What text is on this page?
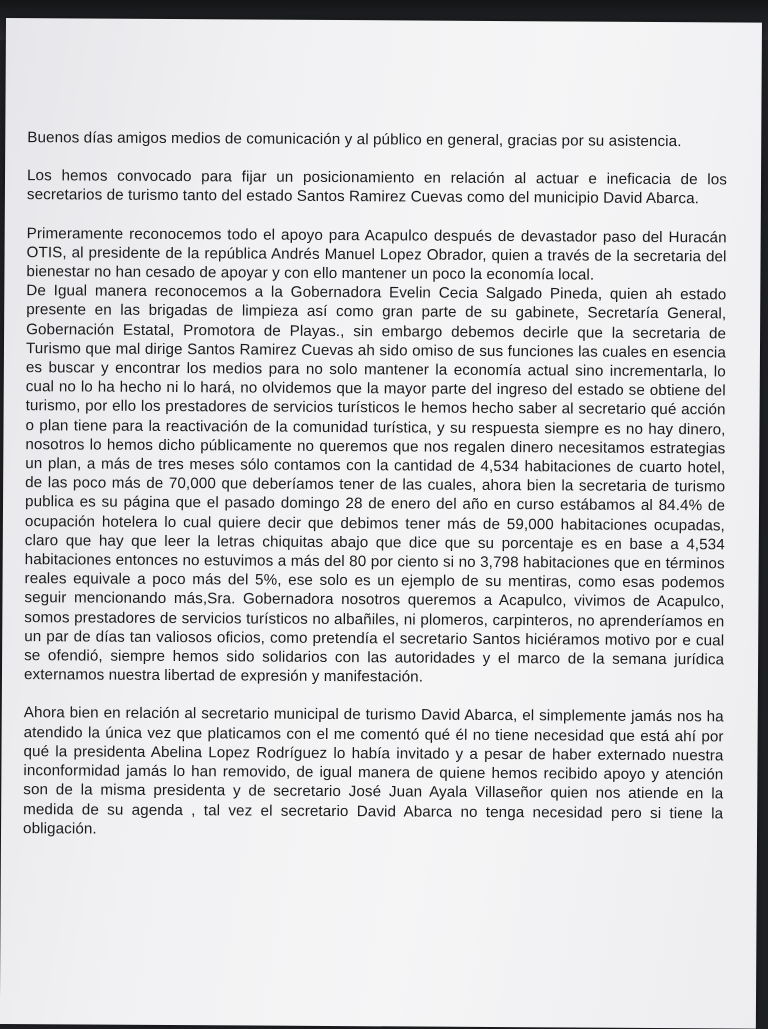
Buenos días amigos medios de comunicación y al público en general, gracias por su asistencia.

Los hemos convocado para fijar un posicionamiento en relación al actuar e ineficacia de los secretarios de turismo tanto del estado Santos Ramirez Cuevas como del municipio David Abarca.

Primeramente reconocemos todo el apoyo para Acapulco después de devastador paso del Huracán OTIS, al presidente de la república Andrés Manuel Lopez Obrador, quien a través de la secretaria del bienestar no han cesado de apoyar y con ello mantener un poco la economía local.

De Igual manera reconocemos a la Gobernadora Evelin Cecia Salgado Pineda, quien ah estado presente en las brigadas de limpieza así como gran parte de su gabinete, Secretaría General, Gobernación Estatal, Promotora de Playas., sin embargo debemos decirle que la secretaria de Turismo que mal dirige Santos Ramirez Cuevas ah sido omiso de sus funciones las cuales en esencia es buscar y encontrar los medios para no solo mantener la economía actual sino incrementarla, lo cual no lo ha hecho ni lo hará, no olvidemos que la mayor parte del ingreso del estado se obtiene del turismo, por ello los prestadores de servicios turísticos le hemos hecho saber al secretario qué acción o plan tiene para la reactivación de la comunidad turística, y su respuesta siempre es no hay dinero, nosotros lo hemos dicho públicamente no queremos que nos regalen dinero necesitamos estrategias un plan, a más de tres meses sólo contamos con la cantidad de 4,534 habitaciones de cuarto hotel, de las poco más de 70,000 que deberíamos tener de las cuales, ahora bien la secretaria de turismo publica es su página que el pasado domingo 28 de enero del año en curso estábamos al 84.4% de ocupación hotelera lo cual quiere decir que debimos tener más de 59,000 habitaciones ocupadas, claro que hay que leer la letras chiquitas abajo que dice que su porcentaje es en base a 4,534 habitaciones entonces no estuvimos a más del 80 por ciento si no 3,798 habitaciones que en términos reales equivale a poco más del 5%, ese solo es un ejemplo de su mentiras, como esas podemos seguir mencionando más,Sra. Gobernadora nosotros queremos a Acapulco, vivimos de Acapulco, somos prestadores de servicios turísticos no albañiles, ni plomeros, carpinteros, no aprenderíamos en un par de días tan valiosos oficios, como pretendía el secretario Santos hiciéramos motivo por e cual se ofendió, siempre hemos sido solidarios con las autoridades y el marco de la semana jurídica externamos nuestra libertad de expresión y manifestación.

Ahora bien en relación al secretario municipal de turismo David Abarca, el simplemente jamás nos ha atendido la única vez que platicamos con el me comentó qué él no tiene necesidad que está ahí por qué la presidenta Abelina Lopez Rodríguez lo había invitado y a pesar de haber externado nuestra inconformidad jamás lo han removido, de igual manera de quiene hemos recibido apoyo y atención son de la misma presidenta y de secretario José Juan Ayala Villaseñor quien nos atiende en la medida de su agenda , tal vez el secretario David Abarca no tenga necesidad pero si tiene la obligación.
